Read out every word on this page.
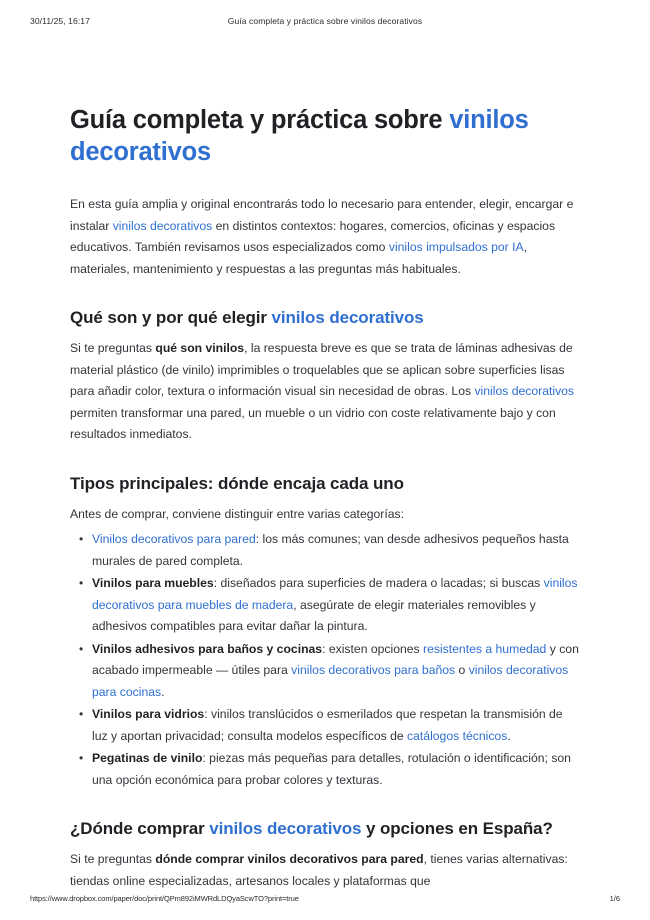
30/11/25, 16:17	Guía completa y práctica sobre vinilos decorativos
Guía completa y práctica sobre vinilos decorativos

En esta guía amplia y original encontrarás todo lo necesario para entender, elegir, encargar e instalar vinilos decorativos en distintos contextos: hogares, comercios, oficinas y espacios educativos. También revisamos usos especializados como vinilos impulsados por IA, materiales, mantenimiento y respuestas a las preguntas más habituales.

Qué son y por qué elegir vinilos decorativos

Si te preguntas qué son vinilos, la respuesta breve es que se trata de láminas adhesivas de material plástico (de vinilo) imprimibles o troquelables que se aplican sobre superficies lisas para añadir color, textura o información visual sin necesidad de obras. Los vinilos decorativos permiten transformar una pared, un mueble o un vidrio con coste relativamente bajo y con resultados inmediatos.

Tipos principales: dónde encaja cada uno

Antes de comprar, conviene distinguir entre varias categorías:

• Vinilos decorativos para pared: los más comunes; van desde adhesivos pequeños hasta murales de pared completa.
• Vinilos para muebles: diseñados para superficies de madera o lacadas; si buscas vinilos decorativos para muebles de madera, asegúrate de elegir materiales removibles y adhesivos compatibles para evitar dañar la pintura.
• Vinilos adhesivos para baños y cocinas: existen opciones resistentes a humedad y con acabado impermeable — útiles para vinilos decorativos para baños o vinilos decorativos para cocinas.
• Vinilos para vidrios: vinilos translúcidos o esmerilados que respetan la transmisión de luz y aportan privacidad; consulta modelos específicos de catálogos técnicos.
• Pegatinas de vinilo: piezas más pequeñas para detalles, rotulación o identificación; son una opción económica para probar colores y texturas.
¿Dónde comprar vinilos decorativos y opciones en España?

Si te preguntas dónde comprar vinilos decorativos para pared, tienes varias alternativas: tiendas online especializadas, artesanos locales y plataformas que

https://www.dropbox.com/paper/doc/print/QPm892iMWRdLDQyaScwTO?print=true	1/6
